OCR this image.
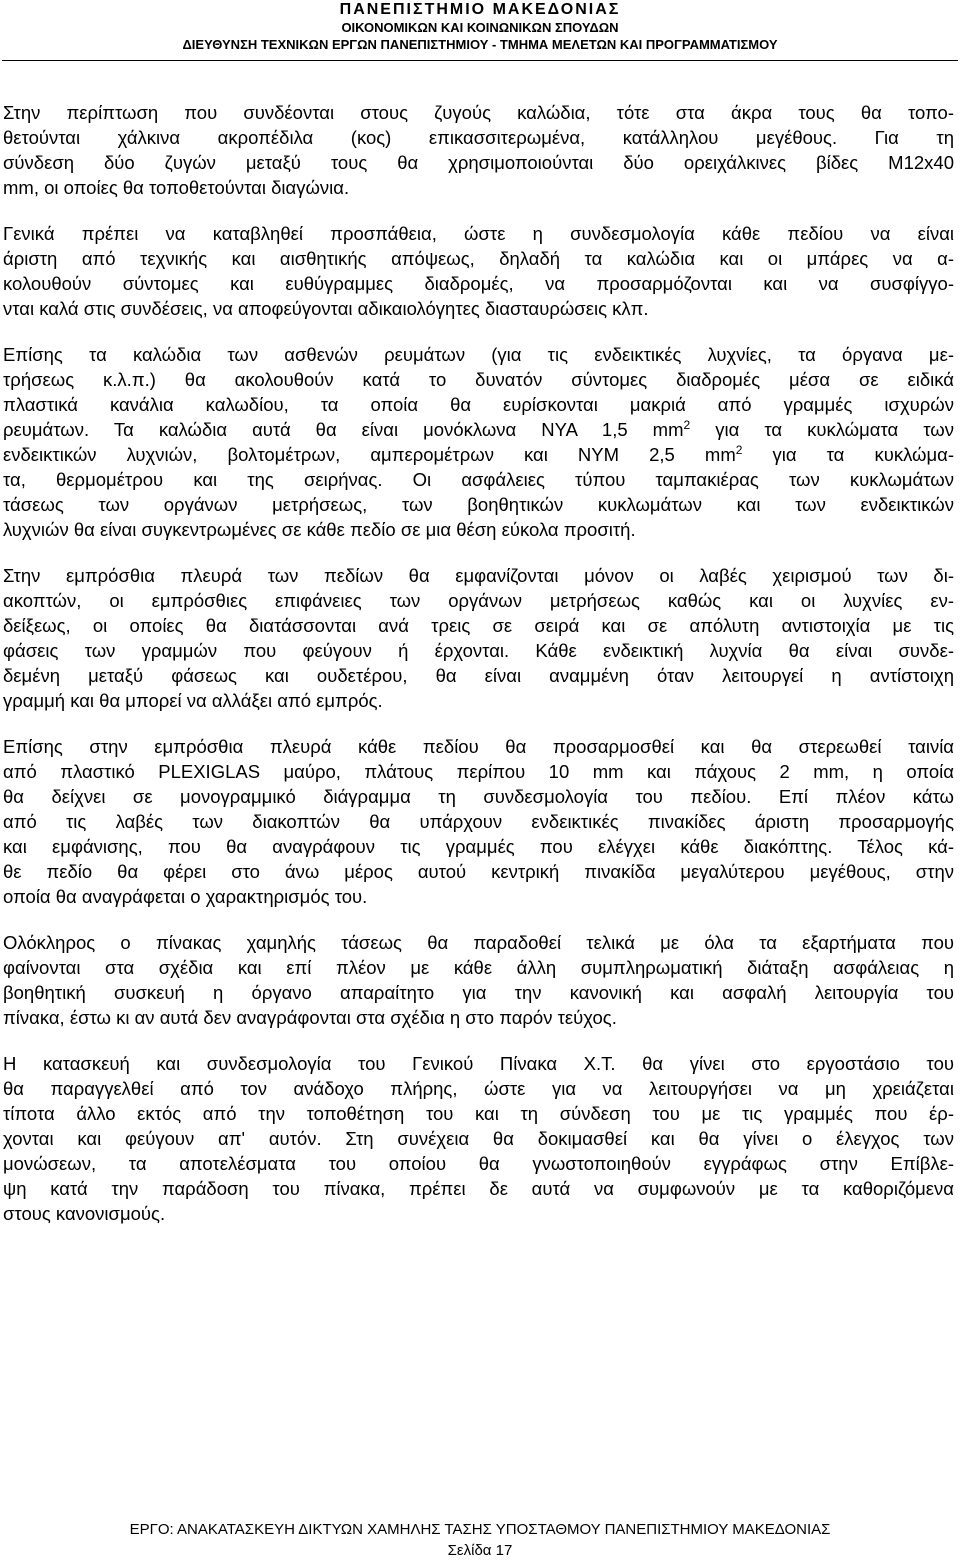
ΠΑΝΕΠΙΣΤΗΜΙΟ ΜΑΚΕΔΟΝΙΑΣ
ΟΙΚΟΝΟΜΙΚΩΝ ΚΑΙ ΚΟΙΝΩΝΙΚΩΝ ΣΠΟΥΔΩΝ
ΔΙΕΥΘΥΝΣΗ ΤΕΧΝΙΚΩΝ ΕΡΓΩΝ ΠΑΝΕΠΙΣΤΗΜΙΟΥ - ΤΜΗΜΑ ΜΕΛΕΤΩΝ ΚΑΙ ΠΡΟΓΡΑΜΜΑΤΙΣΜΟΥ

Στην περίπτωση που συνδέονται στους ζυγούς καλώδια, τότε στα άκρα τους θα τοπο-
θετούνται χάλκινα ακροπέδιλα (κος) επικασσιτερωμένα, κατάλληλου μεγέθους. Για τη
σύνδεση δύο ζυγών μεταξύ τους θα χρησιμοποιούνται δύο ορειχάλκινες βίδες Μ12x40
mm, οι οποίες θα τοποθετούνται διαγώνια.

Γενικά πρέπει να καταβληθεί προσπάθεια, ώστε η συνδεσμολογία κάθε πεδίου να είναι
άριστη από τεχνικής και αισθητικής απόψεως, δηλαδή τα καλώδια και οι μπάρες να α-
κολουθούν σύντομες και ευθύγραμμες διαδρομές, να προσαρμόζονται και να συσφίγγο-
νται καλά στις συνδέσεις, να αποφεύγονται αδικαιολόγητες διασταυρώσεις κλπ.

Επίσης τα καλώδια των ασθενών ρευμάτων (για τις ενδεικτικές λυχνίες, τα όργανα με-
τρήσεως κ.λ.π.) θα ακολουθούν κατά το δυνατόν σύντομες διαδρομές μέσα σε ειδικά
πλαστικά κανάλια καλωδίου, τα οποία θα ευρίσκονται μακριά από γραμμές ισχυρών
ρευμάτων. Τα καλώδια αυτά θα είναι μονόκλωνα ΝΥΑ 1,5 $mm^2$ για τα κυκλώματα των
ενδεικτικών λυχνιών, βολτομέτρων, αμπερομέτρων και ΝΥΜ 2,5 $mm^2$ για τα κυκλώμα-
τα, θερμομέτρου και της σειρήνας. Οι ασφάλειες τύπου ταμπακιέρας των κυκλωμάτων
τάσεως των οργάνων μετρήσεως, των βοηθητικών κυκλωμάτων και των ενδεικτικών
λυχνιών θα είναι συγκεντρωμένες σε κάθε πεδίο σε μια θέση εύκολα προσιτή.

Στην εμπρόσθια πλευρά των πεδίων θα εμφανίζονται μόνον οι λαβές χειρισμού των δι-
ακοπτών, οι εμπρόσθιες επιφάνειες των οργάνων μετρήσεως καθώς και οι λυχνίες εν-
δείξεως, οι οποίες θα διατάσσονται ανά τρεις σε σειρά και σε απόλυτη αντιστοιχία με τις
φάσεις των γραμμών που φεύγουν ή έρχονται. Κάθε ενδεικτική λυχνία θα είναι συνδε-
δεμένη μεταξύ φάσεως και ουδετέρου, θα είναι αναμμένη όταν λειτουργεί η αντίστοιχη
γραμμή και θα μπορεί να αλλάξει από εμπρός.

Επίσης στην εμπρόσθια πλευρά κάθε πεδίου θα προσαρμοσθεί και θα στερεωθεί ταινία
από πλαστικό PLEXIGLAS μαύρο, πλάτους περίπου 10 mm και πάχους 2 mm, η οποία
θα δείχνει σε μονογραμμικό διάγραμμα τη συνδεσμολογία του πεδίου. Επί πλέον κάτω
από τις λαβές των διακοπτών θα υπάρχουν ενδεικτικές πινακίδες άριστη προσαρμογής
και εμφάνισης, που θα αναγράφουν τις γραμμές που ελέγχει κάθε διακόπτης. Τέλος κά-
θε πεδίο θα φέρει στο άνω μέρος αυτού κεντρική πινακίδα μεγαλύτερου μεγέθους, στην
οποία θα αναγράφεται ο χαρακτηρισμός του.

Ολόκληρος ο πίνακας χαμηλής τάσεως θα παραδοθεί τελικά με όλα τα εξαρτήματα που
φαίνονται στα σχέδια και επί πλέον με κάθε άλλη συμπληρωματική διάταξη ασφάλειας η
βοηθητική συσκευή η όργανο απαραίτητο για την κανονική και ασφαλή λειτουργία του
πίνακα, έστω κι αν αυτά δεν αναγράφονται στα σχέδια η στο παρόν τεύχος.

Η κατασκευή και συνδεσμολογία του Γενικού Πίνακα Χ.Τ. θα γίνει στο εργοστάσιο του
θα παραγγελθεί από τον ανάδοχο πλήρης, ώστε για να λειτουργήσει να μη χρειάζεται
τίποτα άλλο εκτός από την τοποθέτηση του και τη σύνδεση του με τις γραμμές που έρ-
χονται και φεύγουν απ' αυτόν. Στη συνέχεια θα δοκιμασθεί και θα γίνει ο έλεγχος των
μονώσεων, τα αποτελέσματα του οποίου θα γνωστοποιηθούν εγγράφως στην Επίβλε-
ψη κατά την παράδοση του πίνακα, πρέπει δε αυτά να συμφωνούν με τα καθοριζόμενα
στους κανονισμούς.

ΕΡΓΟ: ΑΝΑΚΑΤΑΣΚΕΥΗ ΔΙΚΤΥΩΝ ΧΑΜΗΛΗΣ ΤΑΣΗΣ ΥΠΟΣΤΑΘΜΟΥ ΠΑΝΕΠΙΣΤΗΜΙΟΥ ΜΑΚΕΔΟΝΙΑΣ
Σελίδα 17
